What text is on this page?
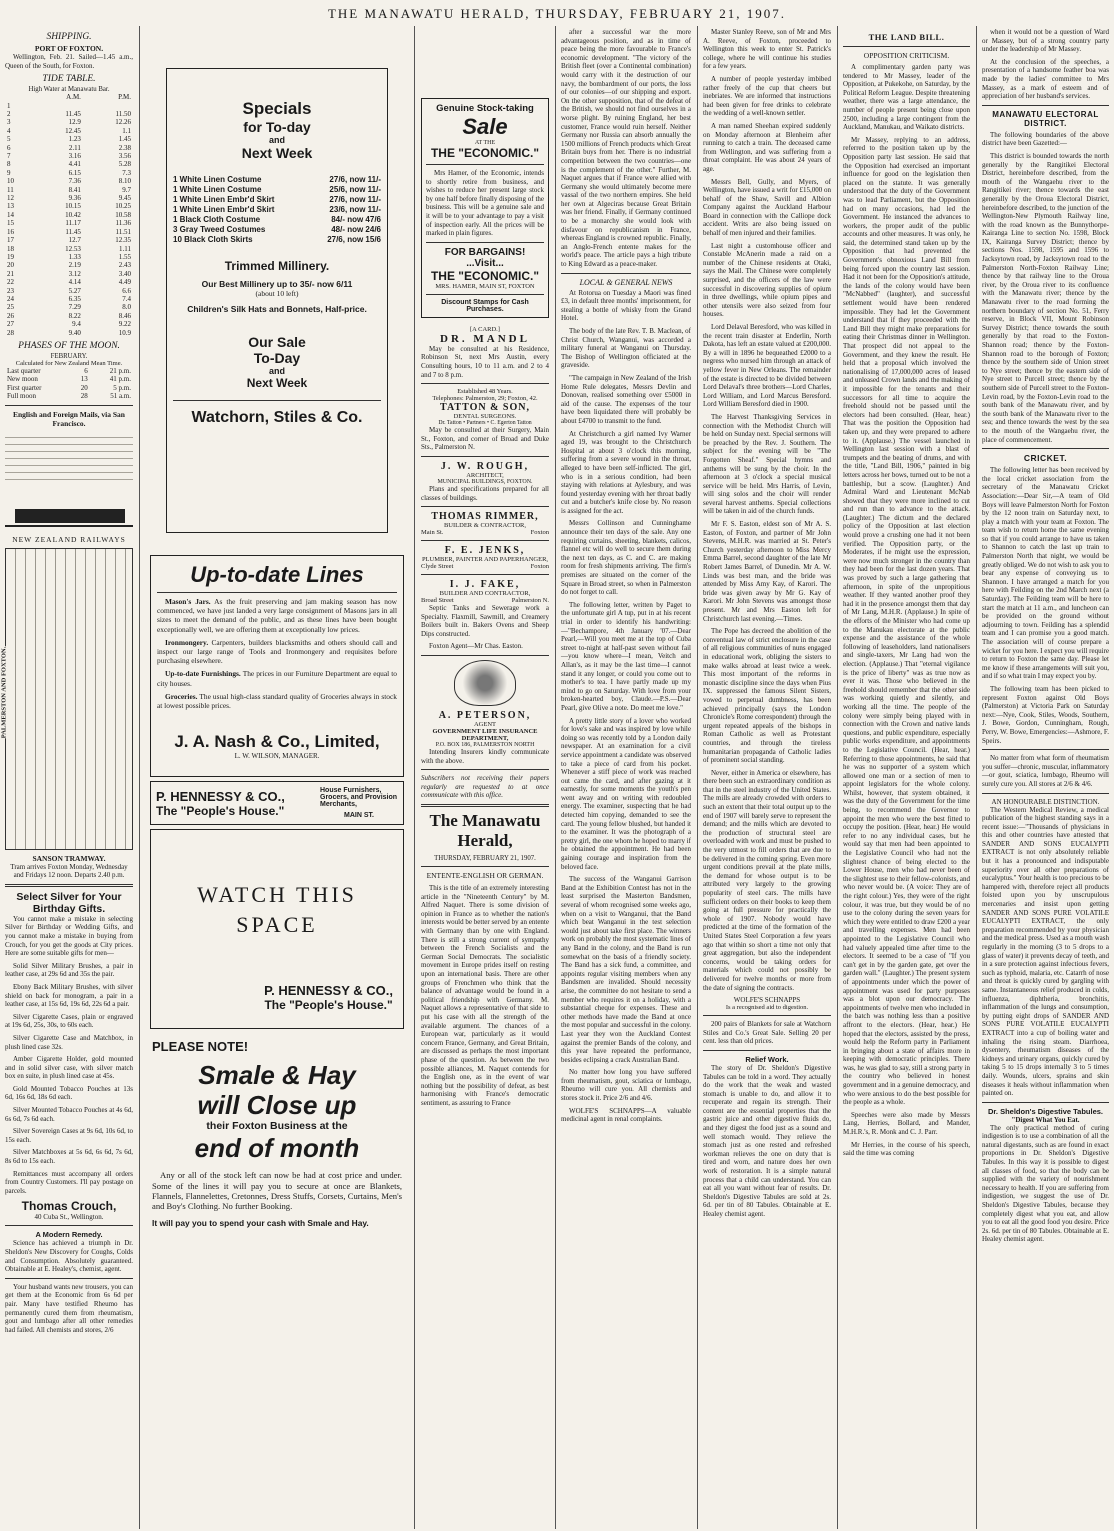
THE MANAWATU HERALD, THURSDAY, FEBRUARY 21, 1907.
SHIPPING.
PORT OF FOXTON.

Wellington, Feb. 21. Sailed—1.45 a.m., Queen of the South, for Foxton.

TIDE TABLE.
High Water at Manawatu Bar.
	A.M.	P.M.
1		
2	11.45	11.50
3	12.9	12.26
4	12.45	1.1
5	1.23	1.45
6	2.11	2.38
7	3.16	3.56
8	4.41	5.28
9	6.15	7.3
10	7.36	8.10
11	8.41	9.7
12	9.36	9.45
13	10.15	10.25
14	10.42	10.58
15	11.17	11.36
16	11.45	11.51
17	12.7	12.35
18	12.53	1.11
19	1.33	1.55
20	2.19	2.43
21	3.12	3.40
22	4.14	4.49
23	5.27	6.6
24	6.35	7.4
25	7.29	8.0
26	8.22	8.46
27	9.4	9.22
28	9.40	10.9
PHASES OF THE MOON.
FEBRUARY.
Calculated for New Zealand Mean Time.
Last quarter	6	21 p.m.
New moon	13	41 p.m.
First quarter	20	5 p.m.
Full moon	28	51 a.m.
English and Foreign Mails, via San Francisco.
NEW ZEALAND RAILWAYS
PALMERSTON AND FOXTON.
SANSON TRAMWAY.

Tram arrives Foxton Monday, Wednesday and Fridays 12 noon. Departs 2.40 p.m.

Select Silver for Your Birthday Gifts.

You cannot make a mistake in selecting Silver for Birthday or Wedding Gifts, and you cannot make a mistake in buying from Crouch, for you get the goods at City prices. Here are some suitable gifts for men—

Solid Silver Military Brushes, a pair in leather case, at 29s 6d and 35s the pair.

Ebony Back Military Brushes, with silver shield on back for monogram, a pair in a leather case, at 15s 6d, 19s 6d, 22s 6d a pair.

Silver Cigarette Cases, plain or engraved at 19s 6d, 25s, 30s, to 60s each.

Silver Cigarette Case and Matchbox, in plush lined case 32s.

Amber Cigarette Holder, gold mounted and in solid silver case, with silver match box en suite, in plush lined case at 45s.

Gold Mounted Tobacco Pouches at 13s 6d, 16s 6d, 18s 6d each.

Silver Mounted Tobacco Pouches at 4s 6d, 6s 6d, 7s 6d each.

Silver Sovereign Cases at 9s 6d, 10s 6d, to 15s each.

Silver Matchboxes at 5s 6d, 6s 6d, 7s 6d, 8s 6d to 15s each.

Remittances must accompany all orders from Country Customers. I'll pay postage on parcels.

Thomas Crouch,
40 Cuba St., Wellington.
A Modern Remedy.

Science has achieved a triumph in Dr. Sheldon's New Discovery for Coughs, Colds and Consumption. Absolutely guaranteed. Obtainable at E. Healey's, chemist, agent.

Your husband wants new trousers, you can get them at the Economic from 6s 6d per pair. Many have testified Rheumo has permanently cured them from rheumatism, gout and lumbago after all other remedies had failed. All chemists and stores, 2/6

Specials
for To-day
and
Next Week
1 White Linen Costume	27/6, now 11/-
1 White Linen Costume	25/6, now 11/-
1 White Linen Embr'd Skirt	27/6, now 11/-
1 White Linen Embr'd Skirt	23/6, now 11/-
1 Black Cloth Costume	84/- now 47/6
3 Gray Tweed Costumes	48/- now 24/6
10 Black Cloth Skirts	27/6, now 15/6
Trimmed Millinery.
Our Best Millinery up to 35/- now 6/11
(about 10 left)
Children's Silk Hats and Bonnets, Half-price.
Our Sale
To-Day
and
Next Week
Watchorn, Stiles & Co.
Up-to-date Lines

Mason's Jars. As the fruit preserving and jam making season has now commenced, we have just landed a very large consignment of Masons jars in all sizes to meet the demand of the public, and as these lines have been bought exceptionally well, we are offering them at exceptionally low prices.

Ironmongery. Carpenters, builders blacksmiths and others should call and inspect our large range of Tools and Ironmongery and requisites before purchasing elsewhere.

Up-to-date Furnishings. The prices in our Furniture Department are equal to city houses.

Groceries. The usual high-class standard quality of Groceries always in stock at lowest possible prices.

J. A. Nash & Co., Limited,
L. W. WILSON, MANAGER.
P. HENNESSY & CO.,
The "People's House."
House Furnishers, Grocers, and Provision Merchants,
MAIN ST.
WATCH THIS SPACE
P. HENNESSY & CO.,
The "People's House."
PLEASE NOTE!
Smale & Hay
will Close up
their Foxton Business at the
end of month

Any or all of the stock left can now be had at cost price and under. Some of the lines it will pay you to secure at once are Blankets, Flannels, Flannelettes, Cretonnes, Dress Stuffs, Corsets, Curtains, Men's and Boy's Clothing. No further Booking.

It will pay you to spend your cash with Smale and Hay.
Genuine Stock-taking
Sale
AT THE
THE "ECONOMIC."

Mrs Hamer, of the Economic, intends to shortly retire from business, and wishes to reduce her present large stock by one half before finally disposing of the business. This will be a genuine sale and it will be to your advantage to pay a visit of inspection early. All the prices will be marked in plain figures.

FOR BARGAINS!
...Visit...
THE "ECONOMIC."
MRS. HAMER, MAIN ST, FOXTON
Discount Stamps for Cash Purchases.
[A CARD.]
DR. MANDL

May be consulted at his Residence, Robinson St, next Mrs Austin, every Consulting hours, 10 to 11 a.m. and 2 to 4 and 7 to 8 p.m.

Established 48 Years.
Telephones: Palmerston, 29; Foxton, 42.
TATTON & SON,
DENTAL SURGEONS.
Dr. Tatton • Partners • C. Egerton Tatton

May be consulted at their Surgery, Main St., Foxton, and corner of Broad and Duke Sts., Palmerston N.

J. W. ROUGH,
ARCHITECT,
MUNICIPAL BUILDINGS, FOXTON.

Plans and specifications prepared for all classes of buildings.

THOMAS RIMMER,
BUILDER & CONTRACTOR,
Main St.	Foxton
F. E. JENKS,
PLUMBER, PAINTER AND PAPERHANGER,
Clyde Street	Foxton
I. J. FAKE,
BUILDER AND CONTRACTOR,
Broad Street	Palmerston N.

Septic Tanks and Sewerage work a Specialty. Flaxmill, Sawmill, and Creamery Boilers built in. Bakers Ovens and Sheep Dips constructed.

Foxton Agent—Mr Chas. Easton.

A. PETERSON,
AGENT
GOVERNMENT LIFE INSURANCE DEPARTMENT,
P.O. BOX 186, PALMERSTON NORTH

Intending Insurers kindly communicate with the above.

Subscribers not receiving their papers regularly are requested to at once communicate with this office.

The Manawatu Herald,
THURSDAY, FEBRUARY 21, 1907.
ENTENTE-ENGLISH OR GERMAN.

This is the title of an extremely interesting article in the "Nineteenth Century" by M. Alfred Naquet. There is some division of opinion in France as to whether the nation's interests would be better served by an entente with Germany than by one with England. There is still a strong current of sympathy between the French Socialists and the German Social Democrats. The socialistic movement in Europe prides itself on resting upon an international basis. There are other groups of Frenchmen who think that the balance of advantage would be found in a political friendship with Germany. M. Naquet allows a representative of that side to put his case with all the strength of the available argument. The chances of a European war, particularly as it would concern France, Germany, and Great Britain, are discussed as perhaps the most important phase of the question. As between the two possible alliances, M. Naquet contends for the English one, as in the event of war nothing but the possibility of defeat, as best harmonising with France's democratic sentiment, as assuring to France

after a successful war the more advantageous position, and as in time of peace being the more favourable to France's economic development. "The victory of the British fleet (over a Continental combination) would carry with it the destruction of our navy, the bombardment of our ports, the loss of our colonies—of our shipping and export. On the other supposition, that of the defeat of the British, we should not find ourselves in a worse plight. By ruining England, her best customer, France would ruin herself. Neither Germany nor Russia can absorb annually the 1500 millions of French products which Great Britain buys from her. There is no industrial competition between the two countries—one is the complement of the other." Further, M. Naquet argues that if France were allied with Germany she would ultimately become mere vassal of the two northern empires. She held her own at Algeciras because Great Britain was her friend. Finally, if Germany continued to be a monarchy she would look with disfavour on republicanism in France, whereas England is crowned republic. Finally, an Anglo-French entente makes for the world's peace. The article pays a high tribute to King Edward as a peace-maker.

LOCAL & GENERAL NEWS

At Rotorua on Tuesday a Maori was fined £3, in default three months' imprisonment, for stealing a bottle of whisky from the Grand Hotel.

The body of the late Rev. T. B. Maclean, of Christ Church, Wanganui, was accorded a military funeral at Wanganui on Thursday. The Bishop of Wellington officiated at the graveside.

"The campaign in New Zealand of the Irish Home Rule delegates, Messrs Devlin and Donovan, realised something over £5000 in aid of the cause. The expenses of the tour have been liquidated there will probably be about £4700 to transmit to the fund.

At Christchurch a girl named Ivy Warner aged 19, was brought to the Christchurch Hospital at about 3 o'clock this morning, suffering from a severe wound in the throat, alleged to have been self-inflicted. The girl, who is in a serious condition, had been staying with relations at Aylesbury, and was found yesterday evening with her throat badly cut and a butcher's knife close by. No reason is assigned for the act.

Messrs Collinson and Cunninghame announce their ten days of the sale. Any one requiring curtains, sheeting, blankets, calicos, flannel etc will do well to secure them during the next ten days, as C. and C. are making room for fresh shipments arriving. The firm's premises are situated on the corner of the Square in Broad street, so when in Palmerston do not forget to call.

The following letter, written by Paget to the unfortunate girl A tup, put in at his recent trial in order to identify his handwriting:—"Bechampore, 4th January '07.—Dear Pearl,—Will you meet me at the top of Cuba street to-night at half-past seven without fail—you know where—I mean, Veitch and Allan's, as it may be the last time—I cannot stand it any longer, or could you come out to mother's to tea. I have partly made up my mind to go on Saturday. With love from your broken-hearted boy, Claude.—P.S.—Dear Pearl, give Olive a note. Do meet me love."

A pretty little story of a lover who worked for love's sake and was inspired by love while doing so was recently told by a London daily newspaper. At an examination for a civil service appointment a candidate was observed to take a piece of card from his pocket. Whenever a stiff piece of work was reached out came the card, and after gazing at it earnestly, for some moments the youth's pen went away and on writing with redoubled energy. The examiner, suspecting that he had detected him copying, demanded to see the card. The young fellow blushed, but handed it to the examiner. It was the photograph of a pretty girl, the one whom he hoped to marry if he obtained the appointment. He had been gaining courage and inspiration from the beloved face.

The success of the Wanganui Garrison Band at the Exhibition Contest has not in the least surprised the Masterton Bandsmen, several of whom recognised some weeks ago, when on a visit to Wanganui, that the Band which beat Wanganui in the test selection would just about take first place. The winners work on probably the most systematic lines of any Band in the colony, and the Band is run somewhat on the basis of a friendly society. The Band has a sick fund, a committee, and appoints regular visiting members when any Bandsmen are invalided. Should necessity arise, the committee do not hesitate to send a member who requires it on a holiday, with a substantial cheque for expenses. These and other methods have made the Band at once the most popular and successful in the colony. Last year they won the Auckland Contest against the premier Bands of the colony, and this year have repeated the performance, besides eclipsing a crack Australian Band.

No matter how long you have suffered from rheumatism, gout, sciatica or lumbago, Rheumo will cure you. All chemists and stores stock it. Price 2/6 and 4/6.

WOLFE'S SCHNAPPS—A valuable medicinal agent in renal complaints.

Master Stanley Reeve, son of Mr and Mrs A. Reeve, of Foxton, proceeded to Wellington this week to enter St. Patrick's college, where he will continue his studies for a few years.

A number of people yesterday imbibed rather freely of the cup that cheers but inebriates. We are informed that instructions had been given for free drinks to celebrate the wedding of a well-known settler.

A man named Sheehan expired suddenly on Monday afternoon at Blenheim after running to catch a train. The deceased came from Wellington, and was suffering from a throat complaint. He was about 24 years of age.

Messrs Bell, Gully, and Myers, of Wellington, have issued a writ for £15,000 on behalf of the Shaw, Savill and Albion Company against the Auckland Harbour Board in connection with the Calliope dock accident. Writs are also being issued on behalf of men injured and their families.

Last night a customhouse officer and Constable McAnerin made a raid on a number of the Chinese residents at Otaki, says the Mail. The Chinese were completely surprised, and the officers of the law were successful in discovering supplies of opium in three dwellings, while opium pipes and other utensils were also seized from four houses.

Lord Delaval Beresford, who was killed in the recent train disaster at Enderlin, North Dakota, has left an estate valued at £200,000. By a will in 1896 he bequeathed £2000 to a negress who nursed him through an attack of yellow fever in New Orleans. The remainder of the estate is directed to be divided between Lord Delaval's three brothers—Lord Charles, Lord William, and Lord Marcus Beresford. Lord William Beresford died in 1900.

The Harvest Thanksgiving Services in connection with the Methodist Church will be held on Sunday next. Special sermons will be preached by the Rev. J. Southern. The subject for the evening will be "The Forgotten Sheaf." Special hymns and anthems will be sung by the choir. In the afternoon at 3 o'clock a special musical service will be held. Mrs Harris, of Levin, will sing solos and the choir will render several harvest anthems. Special collections will be taken in aid of the church funds.

Mr F. S. Easton, eldest son of Mr A. S. Easton, of Foxton, and partner of Mr John Stevens, M.H.R. was married at St. Peter's Church yesterday afternoon to Miss Mercy Emma Barrel, second daughter of the late Mr Robert James Barrel, of Dunedin. Mr A. W. Linds was best man, and the bride was attended by Miss Amy Kay, of Karori. The bride was given away by Mr G. Kay of Karori. Mr John Stevens was amongst those present. Mr and Mrs Easton left for Christchurch last evening.—Times.

The Pope has decreed the abolition of the conventual law of strict enclosure in the case of all religious communities of nuns engaged in educational work, obliging the sisters to make walks abroad at least twice a week. This most important of the reforms in monastic discipline since the days when Pius IX. suppressed the famous Silent Sisters, vowed to perpetual dumbness, has been achieved principally (says the London Chronicle's Rome correspondent) through the urgent repeated appeals of the bishops in Roman Catholic as well as Protestant countries, and through the tireless humanitarian propaganda of Catholic ladies of prominent social standing.

Never, either in America or elsewhere, has there been such an extraordinary condition as that in the steel industry of the United States. The mills are already crowded with orders to such an extent that their total output up to the end of 1907 will barely serve to represent the demand; and the mills which are devoted to the production of structural steel are overloaded with work and must be pushed to the very utmost to fill orders that are due to be delivered in the coming spring. Even more urgent conditions prevail at the plate mills, the demand for whose output is to be attributed very largely to the growing popularity of steel cars. The mills have sufficient orders on their books to keep them going at full pressure for practically the whole of 1907. Nobody would have predicted at the time of the formation of the United States Steel Corporation a few years ago that within so short a time not only that great aggregation, but also the independent concerns, would be taking orders for materials which could not possibly be delivered for twelve months or more from the date of signing the contracts.

WOLFE'S SCHNAPPS
Is a recognised aid to digestion.

200 pairs of Blankets for sale at Watchorn Stiles and Co.'s Great Sale. Selling 20 per cent. less than old prices.

Relief Work.

The story of Dr. Sheldon's Digestive Tabules can be told in a word. They actually do the work that the weak and wasted stomach is unable to do, and allow it to recuperate and regain its strength. Their content are the essential properties that the gastric juice and other digestive fluids do, and they digest the food just as a sound and well stomach would. They relieve the stomach just as one rested and refreshed workman relieves the one on duty that is tired and worn, and nature does her own work of restoration. It is a simple natural process that a child can understand. You can eat all you want without fear of results. Dr. Sheldon's Digestive Tabules are sold at 2s. 6d. per tin of 80 Tabules. Obtainable at E. Healey chemist agent.

THE LAND BILL.
OPPOSITION CRITICISM.

A complimentary garden party was tendered to Mr Massey, leader of the Opposition, at Pukekohe, on Saturday, by the Political Reform League. Despite threatening weather, there was a large attendance, the number of people present being close upon 2500, including a large contingent from the Auckland, Manukau, and Waikato districts.

Mr Massey, replying to an address, referred to the position taken up by the Opposition party last session. He said that the Opposition had exercised an important influence for good on the legislation then placed on the statute. It was generally understood that the duty of the Government was to lead Parliament, but the Opposition had on many occasions, had led the Government. He instanced the advances to workers, the proper audit of the public accounts and other measures. It was only, he said, the determined stand taken up by the Opposition that had prevented the Government's obnoxious Land Bill from being forced upon the country last session. Had it not been for the Opposition's attitude, the lands of the colony would have been "McNabbed" (laughter), and successful settlement would have been rendered impossible. They had let the Government understand that if they proceeded with the Land Bill they might make preparations for eating their Christmas dinner in Wellington. That prospect did not appeal to the Government, and they knew the result. He held that a proposal which involved the nationalising of 17,000,000 acres of leased and unleased Crown lands and the making of it impossible for the tenants and their successors for all time to acquire the freehold should not be passed until the electors had been consulted. (Hear, hear.) That was the position the Opposition had taken up, and they were prepared to adhere to it. (Applause.) The vessel launched in Wellington last session with a blast of trumpets and the beating of drums, and with the title, "Land Bill, 1906," painted in big letters across her bows, turned out to be not a battleship, but a scow. (Laughter.) And Admiral Ward and Lieutenant McNab showed that they were more inclined to cut and run than to advance to the attack. (Laughter.) The dictum and the declared policy of the Opposition at last election would prove a crushing one had it not been verified. The Opposition party, or the Moderates, if he might use the expression, were now much stronger in the country than they had been for the last dozen years. That was proved by such a large gathering that afternoon, in spite of the unpropitious weather. If they wanted another proof they had it in the presence amongst them that day of Mr Lang, M.H.R. (Applause.) In spite of the efforts of the Minister who had come up to the Manukau electorate at the public expense and the assistance of the whole following of leaseholders, land nationalisers and single-taxers, Mr Lang had won the election. (Applause.) That "eternal vigilance is the price of liberty" was as true now as ever it was. Those who believed in the freehold should remember that the other side was working quietly and silently, and working all the time. The people of the colony were simply being played with in connection with the Crown and native lands questions, and public expenditure, especially public works expenditure, and appointments to the Legislative Council. (Hear, hear.) Referring to those appointments, he said that he was no supporter of a system which allowed one man or a section of men to appoint legislators for the whole colony. Whilst, however, that system obtained, it was the duty of the Government for the time being, to recommend the Governor to appoint the men who were the best fitted to occupy the position. (Hear, hear.) He would refer to no any individual cases, but he would say that men had been appointed to the Legislative Council who had not the slightest chance of being elected to the Lower House, men who had never been of the slightest use to their fellow-colonists, and who never would be. (A voice: They are of the right colour.) Yes, they were of the right colour, it was true, but they would be of no use to the colony during the seven years for which they were entitled to draw £200 a year and travelling expenses. Men had been appointed to the Legislative Council who had valuely appealed time after time to the electors. It seemed to be a case of "If you can't get in by the garden gate, get over the garden wall." (Laughter.) The present system of appointments under which the power of appointment was used for party purposes was a blot upon our democracy. The appointments of twelve men who included in the batch was nothing less than a positive affront to the electors. (Hear, hear.) He hoped that the electors, assisted by the press, would help the Reform party in Parliament in bringing about a state of affairs more in keeping with democratic principles. There was, he was glad to say, still a strong party in the country who believed in honest government and in a genuine democracy, and who were anxious to do the best possible for the people as a whole.

Speeches were also made by Messrs Lang, Herries, Bollard, and Mander, M.H.R.'s, R. Monk and C. J. Parr.

Mr Herries, in the course of his speech, said the time was coming

when it would not be a question of Ward or Massey, but of a strong country party under the leadership of Mr Massey.

At the conclusion of the speeches, a presentation of a handsome feather boa was made by the ladies' committee to Mrs Massey, as a mark of esteem and of appreciation of her husband's services.

MANAWATU ELECTORAL DISTRICT.

The following boundaries of the above district have been Gazetted:—

This district is bounded towards the north generally by the Rangitikei Electoral District, hereinbefore described, from the mouth of the Wangaehu river to the Rangitikei river; thence towards the east generally by the Oroua Electoral District, hereinbefore described, to the junction of the Wellington-New Plymouth Railway line, with the road known as the Bunnythorpe-Kairanga Line to section No. 1598, Block IX, Kairanga Survey District; thence by sections Nos. 1598, 1595 and 1596 to Jacksytown road, by Jacksytown road to the Palmerston North-Foxton Railway Line; thence by that railway line to the Oroua river, by the Oroua river to its confluence with the Manawatu river; thence by the Manawatu river to the road forming the northern boundary of section No. 51, Ferry reserve, in Block VII, Mount Robinson Survey District; thence towards the south generally by that road to the Foxton-Shannon road; thence by the Foxton-Shannon road to the borough of Foxton; thence by the southern side of Union street to Nye street; thence by the eastern side of Nye street to Purcell street; thence by the southern side of Purcell street to the Foxton-Levin road, by the Foxton-Levin road to the south bank of the Manawatu river, and by the south bank of the Manawatu river to the sea; and thence towards the west by the sea to the mouth of the Wangaehu river, the place of commencement.

CRICKET.

The following letter has been received by the local cricket association from the secretary of the Manawatu Cricket Association:—Dear Sir,—A team of Old Boys will leave Palmerston North for Foxton by the 12 noon train on Saturday next, to play a match with your team at Foxton. The team wish to return home the same evening so that if you could arrange to have us taken to Shannon to catch the last up train to Palmerston North that night, we would be greatly obliged. We do not wish to ask you to bear any expense of conveying us to Shannon. I have arranged a match for you here with Feilding on the 2nd March next (a Saturday). The Feilding team will be here to start the match at 11 a.m., and luncheon can be provided on the ground without adjourning to town. Feilding has a splendid team and I can promise you a good match. The association will of course prepare a wicket for you here. I expect you will require to return to Foxton the same day. Please let me know if these arrangements will suit you, and if so what train I may expect you by.

The following team has been picked to represent Foxton against Old Boys (Palmerston) at Victoria Park on Saturday next:—Nye, Cook, Stiles, Woods, Southern, J. Bowe, Gordon, Cunningham, Rough, Perry, W. Bowe, Emergencies:—Ashmore, F. Speirs.

No matter from what form of rheumatism you suffer—chronic, muscular, inflammatory—or gout, sciatica, lumbago, Rheumo will surely cure you. All stores at 2/6 & 4/6.

AN HONOURABLE DISTINCTION.

The Western Medical Review, a medical publication of the highest standing says in a recent issue:—"Thousands of physicians in this and other countries have attested that SANDER AND SONS EUCALYPTI EXTRACT is not only absolutely reliable but it has a pronounced and indisputable superiority over all other preparations of eucalyptus." Your health is too precious to be hampered with, therefore reject all products foisted upon you by unscrupulous mercenaries and insist upon getting SANDER AND SONS PURE VOLATILE EUCALYPTI EXTRACT, the only preparation recommended by your physician and the medical press. Used as a mouth wash regularly in the morning (3 to 5 drops to a glass of water) it prevents decay of teeth, and in a sure protection against infectious fevers, such as typhoid, malaria, etc. Catarrh of nose and throat is quickly cured by gargling with same. Instantaneous relief produced in colds, influenza, diphtheria, bronchitis, inflammation of the lungs and consumption, by putting eight drops of SANDER AND SONS PURE VOLATILE EUCALYPTI EXTRACT into a cup of boiling water and inhaling the rising steam. Diarrhoea, dysentery, rheumatism diseases of the kidneys and urinary organs, quickly cured by taking 5 to 15 drops internally 3 to 5 times daily. Wounds, ulcers, sprains and skin diseases it heals without inflammation when painted on.

Dr. Sheldon's Digestive Tabules.
"Digest What You Eat.

The only practical method of curing indigestion is to use a combination of all the natural digestants, such as are found in exact proportions in Dr. Sheldon's Digestive Tabules. In this way it is possible to digest all classes of food, so that the body can be supplied with the variety of nourishment necessary to health. If you are suffering from indigestion, we suggest the use of Dr. Sheldon's Digestive Tabules, because they completely digest what you eat, and allow you to eat all the good food you desire. Price 2s. 6d. per tin of 80 Tabules. Obtainable at E. Healey chemist agent.
